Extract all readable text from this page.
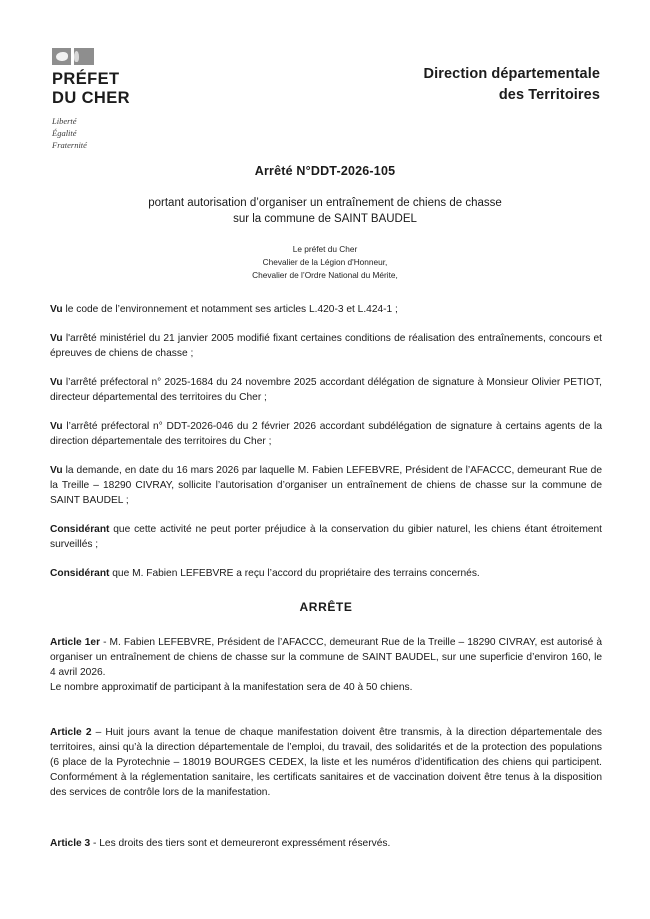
PRÉFET
DU CHER
Liberté
Égalité
Fraternité
Direction départementale
des Territoires
Arrêté N°DDT-2026-105
portant autorisation d’organiser un entraînement de chiens de chasse
sur la commune de SAINT BAUDEL
Le préfet du Cher
Chevalier de la Légion d'Honneur,
Chevalier de l’Ordre National du Mérite,

Vu le code de l’environnement et notamment ses articles L.420-3 et L.424-1 ;

Vu l'arrêté ministériel du 21 janvier 2005 modifié fixant certaines conditions de réalisation des entraînements, concours et épreuves de chiens de chasse ;

Vu l’arrêté préfectoral n° 2025-1684 du 24 novembre 2025 accordant délégation de signature à Monsieur Olivier PETIOT, directeur départemental des territoires du Cher ;

Vu l’arrêté préfectoral n° DDT-2026-046 du 2 février 2026 accordant subdélégation de signature à certains agents de la direction départementale des territoires du Cher ;

Vu la demande, en date du 16 mars 2026 par laquelle M. Fabien LEFEBVRE, Président de l’AFACCC, demeurant Rue de la Treille – 18290 CIVRAY, sollicite l’autorisation d’organiser un entraînement de chiens de chasse sur la commune de SAINT BAUDEL ;

Considérant que cette activité ne peut porter préjudice à la conservation du gibier naturel, les chiens étant étroitement surveillés ;

Considérant que M. Fabien LEFEBVRE a reçu l’accord du propriétaire des terrains concernés.

ARRÊTE

Article 1er - M. Fabien LEFEBVRE, Président de l’AFACCC, demeurant Rue de la Treille – 18290 CIVRAY, est autorisé à organiser un entraînement de chiens de chasse sur la commune de SAINT BAUDEL, sur une superficie d’environ 160, le 4 avril 2026.

Le nombre approximatif de participant à la manifestation sera de 40 à 50 chiens.

Article 2 – Huit jours avant la tenue de chaque manifestation doivent être transmis, à la direction départementale des territoires, ainsi qu’à la direction départementale de l’emploi, du travail, des solidarités et de la protection des populations (6 place de la Pyrotechnie – 18019 BOURGES CEDEX, la liste et les numéros d’identification des chiens qui participent. Conformément à la réglementation sanitaire, les certificats sanitaires et de vaccination doivent être tenus à la disposition des services de contrôle lors de la manifestation.

Article 3 - Les droits des tiers sont et demeureront expressément réservés.
